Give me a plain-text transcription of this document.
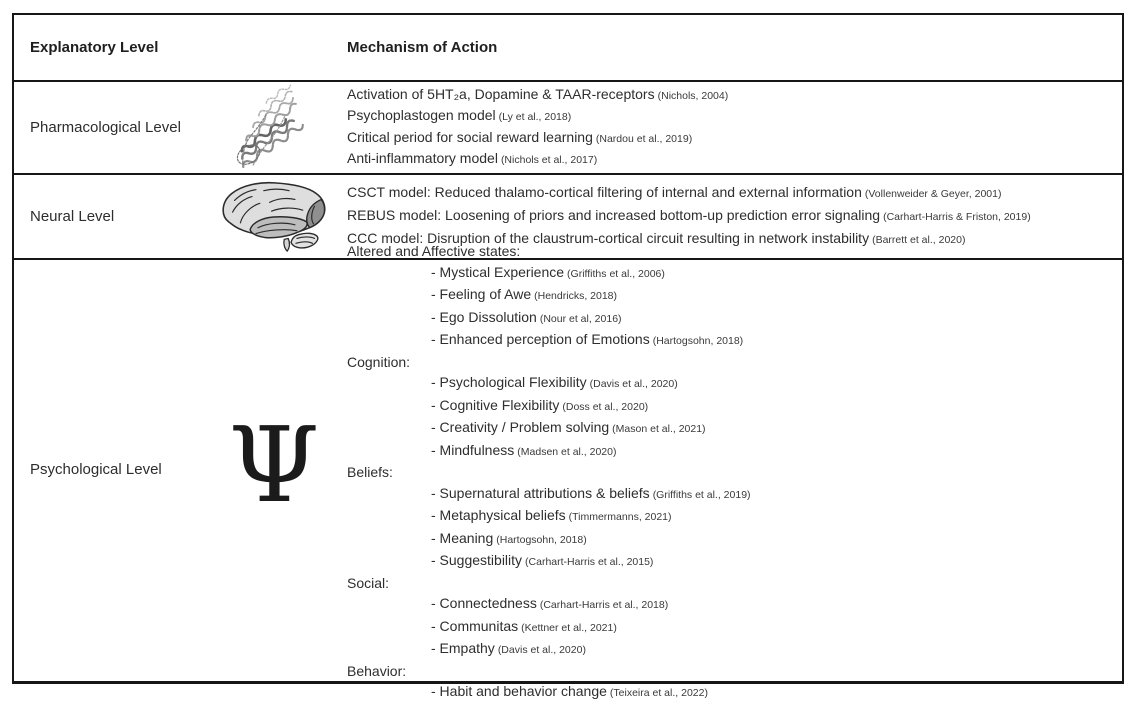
Explanatory Level	Mechanism of Action
Pharmacological Level
Activation of 5HT₂a, Dopamine & TAAR-receptors (Nichols, 2004)
Psychoplastogen model (Ly et al., 2018)
Critical period for social reward learning (Nardou et al., 2019)
Anti-inflammatory model (Nichols et al., 2017)
Neural Level
CSCT model: Reduced thalamo-cortical filtering of internal and external information (Vollenweider & Geyer, 2001)
REBUS model: Loosening of priors and increased bottom-up prediction error signaling (Carhart-Harris & Friston, 2019)
CCC model: Disruption of the claustrum-cortical circuit resulting in network instability (Barrett et al., 2020)
Psychological Level Ψ
Altered and Affective states:
- Mystical Experience (Griffiths et al., 2006)
- Feeling of Awe (Hendricks, 2018)
- Ego Dissolution (Nour et al, 2016)
- Enhanced perception of Emotions (Hartogsohn, 2018)
Cognition:
- Psychological Flexibility (Davis et al., 2020)
- Cognitive Flexibility (Doss et al., 2020)
- Creativity / Problem solving (Mason et al., 2021)
- Mindfulness (Madsen et al., 2020)
Beliefs:
- Supernatural attributions & beliefs (Griffiths et al., 2019)
- Metaphysical beliefs (Timmermanns, 2021)
- Meaning (Hartogsohn, 2018)
- Suggestibility (Carhart-Harris et al., 2015)
Social:
- Connectedness (Carhart-Harris et al., 2018)
- Communitas (Kettner et al., 2021)
- Empathy (Davis et al., 2020)
Behavior:
- Habit and behavior change (Teixeira et al., 2022)
